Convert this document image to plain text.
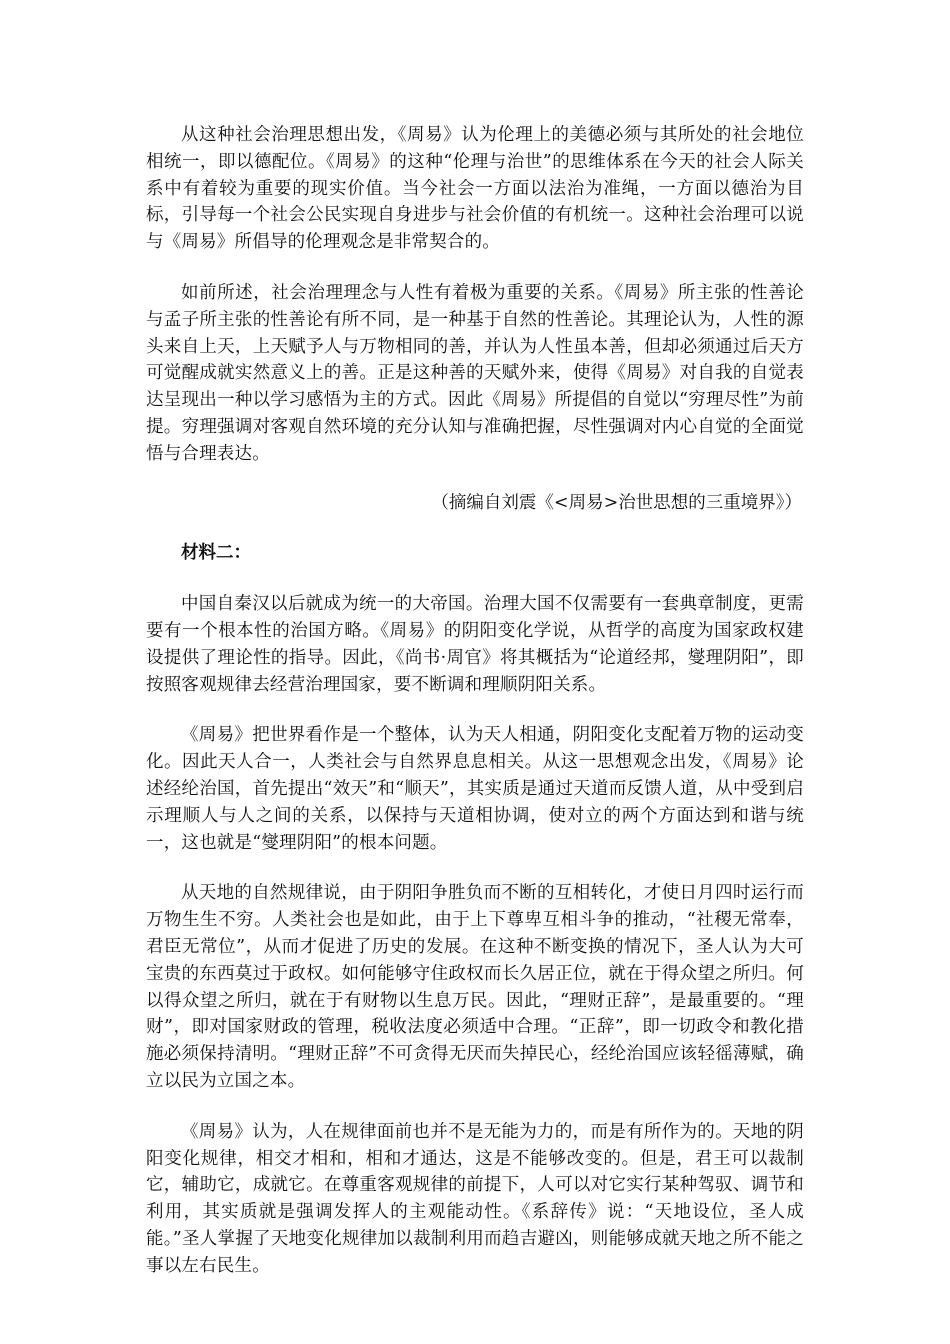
从这种社会治理思想出发，《周易》认为伦理上的美德必须与其所处的社会地位相统一，即以德配位。《周易》的这种“伦理与治世”的思维体系在今天的社会人际关系中有着较为重要的现实价值。当今社会一方面以法治为准绳，一方面以德治为目标，引导每一个社会公民实现自身进步与社会价值的有机统一。这种社会治理可以说与《周易》所倡导的伦理观念是非常契合的。

如前所述，社会治理理念与人性有着极为重要的关系。《周易》所主张的性善论与孟子所主张的性善论有所不同，是一种基于自然的性善论。其理论认为，人性的源头来自上天，上天赋予人与万物相同的善，并认为人性虽本善，但却必须通过后天方可觉醒成就实然意义上的善。正是这种善的天赋外来，使得《周易》对自我的自觉表达呈现出一种以学习感悟为主的方式。因此《周易》所提倡的自觉以“穷理尽性”为前提。穷理强调对客观自然环境的充分认知与准确把握，尽性强调对内心自觉的全面觉悟与合理表达。

（摘编自刘震《<周易>治世思想的三重境界》）

材料二：

中国自秦汉以后就成为统一的大帝国。治理大国不仅需要有一套典章制度，更需要有一个根本性的治国方略。《周易》的阴阳变化学说，从哲学的高度为国家政权建设提供了理论性的指导。因此，《尚书·周官》将其概括为“论道经邦，燮理阴阳”，即按照客观规律去经营治理国家，要不断调和理顺阴阳关系。

《周易》把世界看作是一个整体，认为天人相通，阴阳变化支配着万物的运动变化。因此天人合一，人类社会与自然界息息相关。从这一思想观念出发，《周易》论述经纶治国，首先提出“效天”和“顺天”，其实质是通过天道而反馈人道，从中受到启示理顺人与人之间的关系，以保持与天道相协调，使对立的两个方面达到和谐与统一，这也就是“燮理阴阳”的根本问题。

从天地的自然规律说，由于阴阳争胜负而不断的互相转化，才使日月四时运行而万物生生不穷。人类社会也是如此，由于上下尊卑互相斗争的推动，“社稷无常奉，君臣无常位”，从而才促进了历史的发展。在这种不断变换的情况下，圣人认为大可宝贵的东西莫过于政权。如何能够守住政权而长久居正位，就在于得众望之所归。何以得众望之所归，就在于有财物以生息万民。因此，“理财正辞”，是最重要的。“理财”，即对国家财政的管理，税收法度必须适中合理。“正辞”，即一切政令和教化措施必须保持清明。“理财正辞”不可贪得无厌而失掉民心，经纶治国应该轻徭薄赋，确立以民为立国之本。

《周易》认为，人在规律面前也并不是无能为力的，而是有所作为的。天地的阴阳变化规律，相交才相和，相和才通达，这是不能够改变的。但是，君王可以裁制它，辅助它，成就它。在尊重客观规律的前提下，人可以对它实行某种驾驭、调节和利用，其实质就是强调发挥人的主观能动性。《系辞传》说：“天地设位，圣人成能。”圣人掌握了天地变化规律加以裁制利用而趋吉避凶，则能够成就天地之所不能之事以左右民生。
